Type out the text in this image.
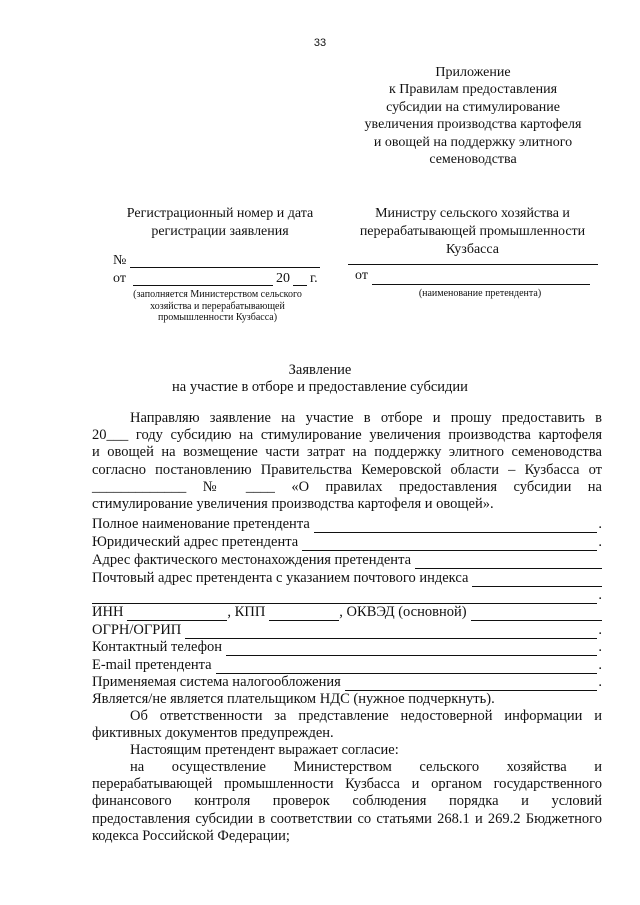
33
Приложение
к Правилам предоставления
субсидии на стимулирование
увеличения производства картофеля
и овощей на поддержку элитного
семеноводства
Регистрационный номер и дата
регистрации заявления
№
от	20 г.
(заполняется Министерством сельского
хозяйства и перерабатывающей
промышленности Кузбасса)
Министру сельского хозяйства и
перерабатывающей промышленности
Кузбасса
от
(наименование претендента)
Заявление
на участие в отборе и предоставление субсидии
Направляю заявление на участие в отборе и прошу предоставить в
20___ году субсидию на стимулирование увеличения производства картофеля
и овощей на возмещение части затрат на поддержку элитного семеноводства
согласно постановлению Правительства Кемеровской области – Кузбасса от
_____________ № ____ «О правилах предоставления субсидии на
стимулирование увеличения производства картофеля и овощей».
Полное наименование претендента	.
Юридический адрес претендента	.
Адрес фактического местонахождения претендента
Почтовый адрес претендента с указанием почтового индекса
.
ИНН	, КПП	, ОКВЭД (основной)
ОГРН/ОГРИП	.
Контактный телефон	.
E-mail претендента	.
Применяемая система налогообложения	.
Является/не является плательщиком НДС (нужное подчеркнуть).
Об ответственности за представление недостоверной информации и
фиктивных документов предупрежден.
Настоящим претендент выражает согласие:
на осуществление Министерством сельского хозяйства и
перерабатывающей промышленности Кузбасса и органом государственного
финансового контроля проверок соблюдения порядка и условий
предоставления субсидии в соответствии со статьями 268.1 и 269.2 Бюджетного
кодекса Российской Федерации;
